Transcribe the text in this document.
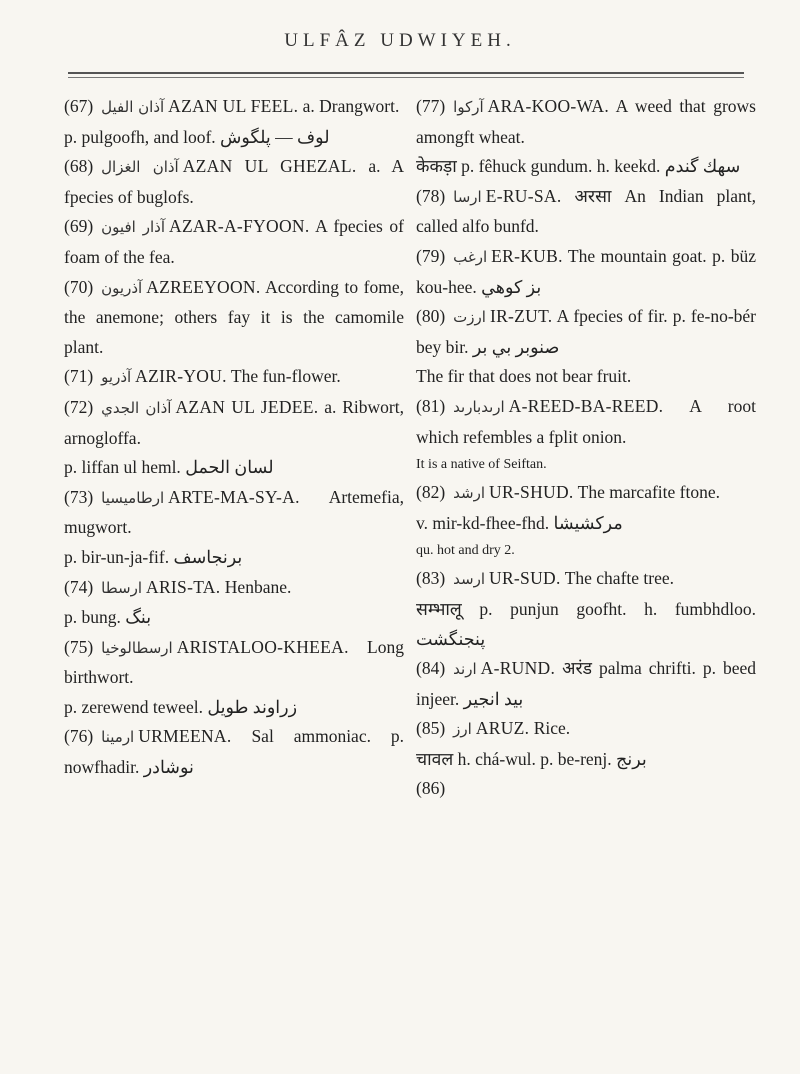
ULFÂZ UDWIYEH.

(67) آذان الفيل AZAN UL FEEL. a. Drangwort.

p. pulgoofh, and loof. لوف — پلگوش

(68) آذان الغزال AZAN UL GHEZAL. a. A fpecies of buglofs.

(69) آذار افيون AZAR-A-FYOON. A fpecies of foam of the fea.

(70) آذريون AZREEYOON. According to fome, the anemone; others fay it is the camomile plant.

(71) آذريو AZIR-YOU. The fun-flower.

(72) آذان الجدي AZAN UL JEDEE. a. Ribwort, arnogloffa.

p. liffan ul heml. لسان الحمل

(73) ارطاميسيا ARTE-MA-SY-A. Artemefia, mugwort.

p. bir-un-ja-fif. برنجاسف

(74) ارسطا ARIS-TA. Henbane.

p. bung. بنگ

(75) ارسطالوخيا ARISTALOO-KHEEA. Long birthwort.

p. zerewend teweel. زراوند طويل

(76) ارمينا URMEENA. Sal ammoniac. p. nowfhadir. نوشادر

(77) آركوا ARA-KOO-WA. A weed that grows amongft wheat.

केकड़ा p. fêhuck gundum. h. keekd. سهك گندم

(78) ارسا E-RU-SA. अरसा An Indian plant, called alfo bunfd.

(79) ارغب ER-KUB. The mountain goat. p. büz kou-hee. بز كوهي

(80) ارزت IR-ZUT. A fpecies of fir. p. fe-no-bér bey bir. صنوبر بي بر

The fir that does not bear fruit.

(81) ارىدبارىد A-REED-BA-REED. A root which refembles a fplit onion.

It is a native of Seiftan.

(82) ارشد UR-SHUD. The marcafite ftone.

v. mir-kd-fhee-fhd. مركشيشا

qu. hot and dry 2.

(83) ارسد UR-SUD. The chafte tree.

सम्भालू p. punjun goofht. h. fumbhdloo. پنجنگشت

(84) ارند A-RUND. अरंड palma chrifti. p. beed injeer. بيد انجير

(85) ارز ARUZ. Rice.

चावल h. chá-wul. p. be-renj. برنج

(86)
